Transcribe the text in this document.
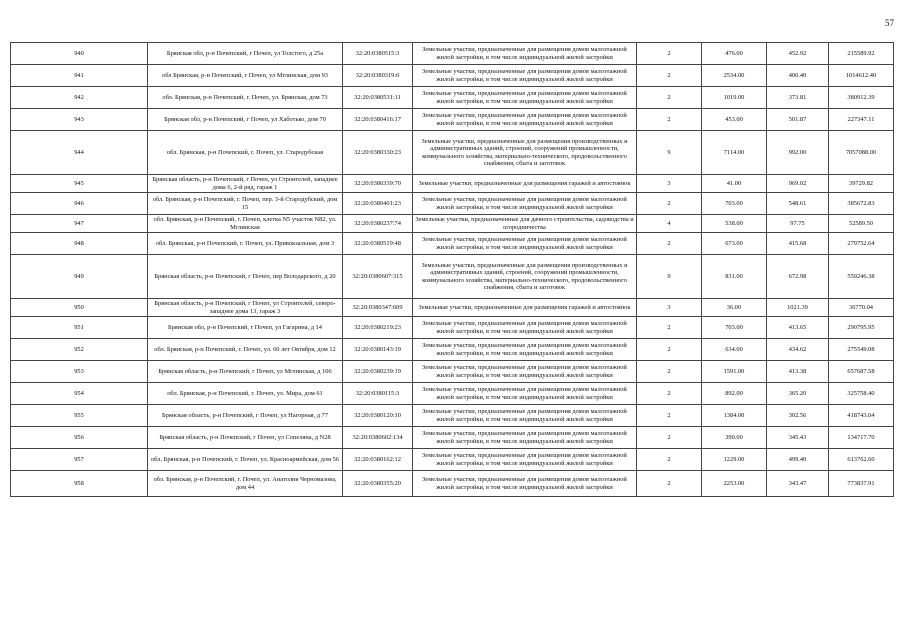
57
940	Брянская обл, р-н Почепский, г Почеп, ул Толстого, д 25а	32:20:0380515:3	Земельные участки, предназначенные для размещения домов малоэтажной жилой застройки, в том числе индивидуальной жилой застройки	2	476.00	452.92	215589.92
941	обл Брянская, р-н Почепский, г Почеп, ул Мглинская, дом 93	32:20:0380319:6	Земельные участки, предназначенные для размещения домов малоэтажной жилой застройки, в том числе индивидуальной жилой застройки	2	2534.00	400.40	1014612.40
942	обл. Брянская, р-н Почепский, г. Почеп, ул. Брянская, дом 73	32:20:0380531:11	Земельные участки, предназначенные для размещения домов малоэтажной жилой застройки, в том числе индивидуальной жилой застройки	2	1019.00	373.81	380912.39
943	Брянская обл, р-н Почепский, г Почеп, ул Хаботько, дом 70	32:20:0380416:17	Земельные участки, предназначенные для размещения домов малоэтажной жилой застройки, в том числе индивидуальной жилой застройки	2	453.00	501.87	227347.11
944	обл. Брянская, р-н Почепский, г. Почеп, ул. Стародубская	32:20:0380330:23	Земельные участки, предназначенные для размещения производственных и административных зданий, строений, сооружений промышленности, коммунального хозяйства, материально-технического, продовольственного снабжения, сбыта и заготовок	9	7114.00	992.00	7057088.00
945	Брянская область, р-н Почепский, г Почеп, ул Строителей, западнее дома 6, 2-й ряд, гараж 1	32:20:0380339:70	Земельные участки, предназначенные для размещения гаражей и автостоянок	3	41.00	969.02	39729.82
946	обл. Брянская, р-н Почепский, г. Почеп, пер. 3-й Стародубский, дом 15	32:20:0380401:23	Земельные участки, предназначенные для размещения домов малоэтажной жилой застройки, в том числе индивидуальной жилой застройки	2	703.00	548.61	385672.83
947	обл. Брянская, р-н Почепский, г. Почеп, клетка N5 участок N82, ул. Мглинская	32:20:0380237:74	Земельные участки, предназначенные для дачного строительства, садоводства и огородничества	4	538.00	97.75	52589.50
948	обл. Брянская, р-н Почепский, г. Почеп, ул. Привокзальная, дом 3	32:20:0380519:48	Земельные участки, предназначенные для размещения домов малоэтажной жилой застройки, в том числе индивидуальной жилой застройки	2	673.00	415.68	279752.64
949	Брянская область, р-н Почепский, г Почеп, пер Володарского, д 20	32:20:0380607:315	Земельные участки, предназначенные для размещения производственных и административных зданий, строений, сооружений промышленности, коммунального хозяйства, материально-технического, продовольственного снабжения, сбыта и заготовок	9	831.00	672.98	559246.38
950	Брянская область, р-н Почепский, г Почеп, ул Строителей, северо-западнее дома 13, гараж 3	32:20:0380347:609	Земельные участки, предназначенные для размещения гаражей и автостоянок	3	36.00	1021.39	36770.04
951	Брянская обл, р-н Почепский, г Почеп, ул Гагарина, д 14	32:20:0380219:23	Земельные участки, предназначенные для размещения домов малоэтажной жилой застройки, в том числе индивидуальной жилой застройки	2	703.00	413.65	290795.95
952	обл. Брянская, р-н Почепский, г. Почеп, ул. 60 лет Октября, дом 12	32:20:0380143:19	Земельные участки, предназначенные для размещения домов малоэтажной жилой застройки, в том числе индивидуальной жилой застройки	2	634.00	434.62	275549.08
953	Брянская область, р-н Почепский, г Почеп, ул Мглинская, д 106	32:20:0380239:19	Земельные участки, предназначенные для размещения домов малоэтажной жилой застройки, в том числе индивидуальной жилой застройки	2	1591.00	413.38	657687.58
954	обл. Брянская, р-н Почепский, г. Почеп, ул. Мира, дом 61	32:20:0380115:3	Земельные участки, предназначенные для размещения домов малоэтажной жилой застройки, в том числе индивидуальной жилой застройки	2	892.00	365.20	325758.40
955	Брянская область, р-н Почепский, г Почеп, ул Нагорная, д 77	32:20:0380120:10	Земельные участки, предназначенные для размещения домов малоэтажной жилой застройки, в том числе индивидуальной жилой застройки	2	1384.00	302.56	418743.04
956	Брянская область, р-н Почепский, г Почеп, ул Сопеляна, д N28	32:20:0380602:134	Земельные участки, предназначенные для размещения домов малоэтажной жилой застройки, в том числе индивидуальной жилой застройки	2	390.00	345.43	134717.70
957	обл. Брянская, р-н Почепский, г. Почеп, ул. Красноармейская, дом 56	32:20:0380162:12	Земельные участки, предназначенные для размещения домов малоэтажной жилой застройки, в том числе индивидуальной жилой застройки	2	1229.00	499.40	613762.60
958	обл. Брянская, р-н Почепский, г. Почеп, ул. Анатолия Черномазова, дом 44	32:20:0380355:20	Земельные участки, предназначенные для размещения домов малоэтажной жилой застройки, в том числе индивидуальной жилой застройки	2	2253.00	343.47	773837.91
